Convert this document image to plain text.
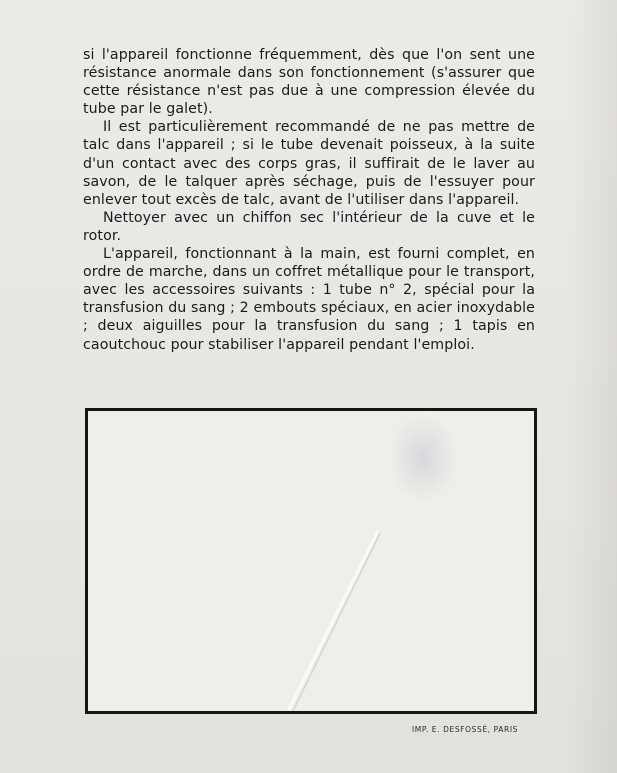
si l'appareil fonctionne fréquemment, dès que l'on sent une résistance anormale dans son fonctionnement (s'assurer que cette résistance n'est pas due à une compression élevée du tube par le galet).

Il est particulièrement recommandé de ne pas mettre de talc dans l'appareil ; si le tube devenait poisseux, à la suite d'un contact avec des corps gras, il suffirait de le laver au savon, de le talquer après séchage, puis de l'essuyer pour enlever tout excès de talc, avant de l'utiliser dans l'appareil.

Nettoyer avec un chiffon sec l'intérieur de la cuve et le rotor.

L'appareil, fonctionnant à la main, est fourni complet, en ordre de marche, dans un coffret métallique pour le transport, avec les accessoires suivants : 1 tube n° 2, spécial pour la transfusion du sang ; 2 embouts spéciaux, en acier inoxydable ; deux aiguilles pour la transfusion du sang ; 1 tapis en caoutchouc pour stabiliser l'appareil pendant l'emploi.

IMP. E. DESFOSSÉ, PARIS
